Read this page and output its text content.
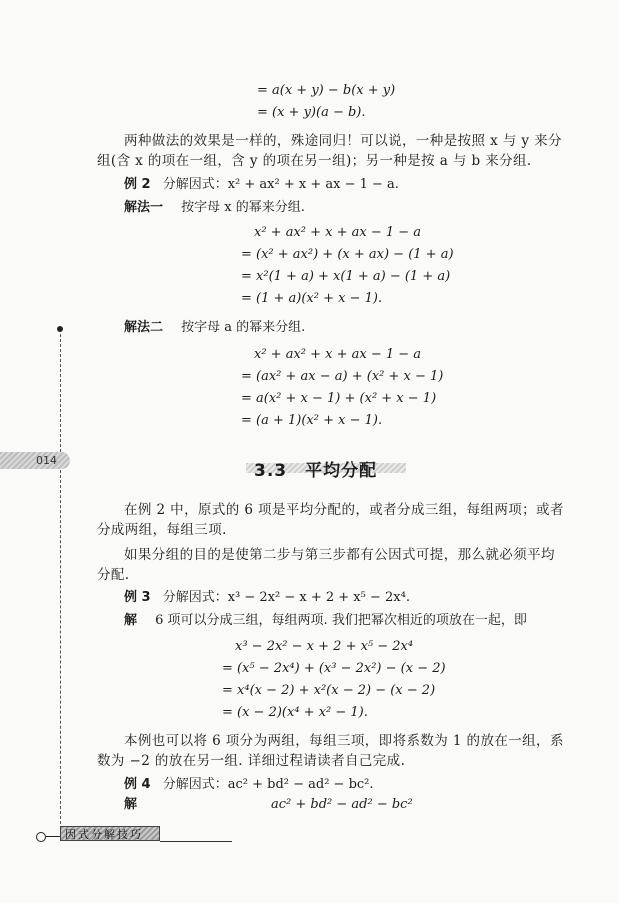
= a(x + y) − b(x + y)
= (x + y)(a − b).
两种做法的效果是一样的，殊途同归！可以说，一种是按照 x 与 y 来分组(含 x 的项在一组，含 y 的项在另一组)；另一种是按 a 与 b 来分组.
例 2 分解因式：x² + ax² + x + ax − 1 − a.
解法一 按字母 x 的幂来分组.
x² + ax² + x + ax − 1 − a
= (x² + ax²) + (x + ax) − (1 + a)
= x²(1 + a) + x(1 + a) − (1 + a)
= (1 + a)(x² + x − 1).
解法二 按字母 a 的幂来分组.
x² + ax² + x + ax − 1 − a
= (ax² + ax − a) + (x² + x − 1)
= a(x² + x − 1) + (x² + x − 1)
= (a + 1)(x² + x − 1).
014
3.3　平均分配
在例 2 中，原式的 6 项是平均分配的，或者分成三组，每组两项；或者分成两组，每组三项.
如果分组的目的是使第二步与第三步都有公因式可提，那么就必须平均分配.
例 3 分解因式：x³ − 2x² − x + 2 + x⁵ − 2x⁴.
解 6 项可以分成三组，每组两项. 我们把幂次相近的项放在一起，即
x³ − 2x² − x + 2 + x⁵ − 2x⁴
= (x⁵ − 2x⁴) + (x³ − 2x²) − (x − 2)
= x⁴(x − 2) + x²(x − 2) − (x − 2)
= (x − 2)(x⁴ + x² − 1).
本例也可以将 6 项分为两组，每组三项，即将系数为 1 的放在一组，系数为 −2 的放在另一组. 详细过程请读者自己完成.
例 4 分解因式：ac² + bd² − ad² − bc².
解	ac² + bd² − ad² − bc²
因式分解技巧
